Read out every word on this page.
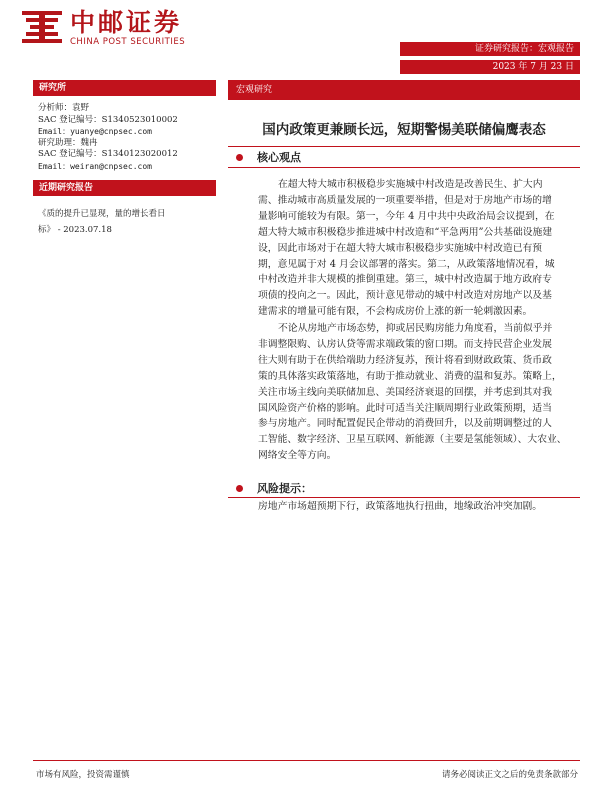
中邮证券
CHINA POST SECURITIES
证券研究报告：宏观报告
2023 年 7 月 23 日
研究所
分析师：袁野
SAC 登记编号：S1340523010002
Email：yuanye@cnpsec.com
研究助理：魏冉
SAC 登记编号：S1340123020012
Email：weiran@cnpsec.com
近期研究报告
《质的提升已显现，量的增长看日
标》 - 2023.07.18
宏观研究
国内政策更兼顾长远，短期警惕美联储偏鹰表态
核心观点
在超大特大城市积极稳步实施城中村改造是改善民生、扩大内
需、推动城市高质量发展的一项重要举措，但是对于房地产市场的增
量影响可能较为有限。第一，今年 4 月中共中央政治局会议提到，在
超大特大城市积极稳步推进城中村改造和“平急两用”公共基础设施建
设，因此市场对于在超大特大城市积极稳步实施城中村改造已有预
期，意见属于对 4 月会议部署的落实。第二，从政策落地情况看，城
中村改造并非大规模的推倒重建。第三，城中村改造属于地方政府专
项债的投向之一。因此，预计意见带动的城中村改造对房地产以及基
建需求的增量可能有限，不会构成房价上涨的新一轮刺激因素。
不论从房地产市场态势，抑或居民购房能力角度看，当前似乎并
非调整限购、认房认贷等需求端政策的窗口期。而支持民营企业发展
往大则有助于在供给端助力经济复苏，预计将看到财政政策、货币政
策的具体落实政策落地，有助于推动就业、消费的温和复苏。策略上，
关注市场主线向美联储加息、美国经济衰退的回摆，并考虑到其对我
国风险资产价格的影响。此时可适当关注顺周期行业政策预期，适当
参与房地产。同时配置促民企带动的消费回升，以及前期调整过的人
工智能、数字经济、卫星互联网、新能源（主要是氢能领域）、大农业、
网络安全等方向。
风险提示：
房地产市场超预期下行，政策落地执行扭曲，地缘政治冲突加剧。
市场有风险，投资需谨慎	请务必阅读正文之后的免责条款部分
